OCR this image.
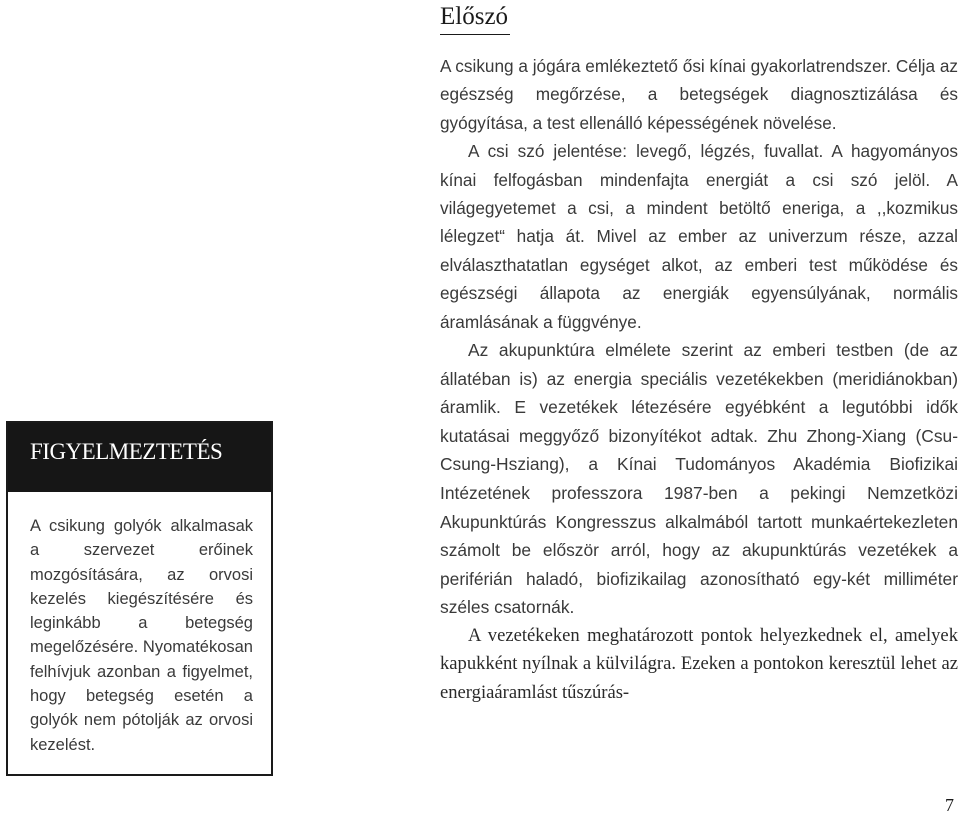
FIGYELMEZTETÉS
A csikung golyók alkalmasak a szervezet erőinek mozgósítására, az orvosi kezelés kiegészítésére és leginkább a betegség megelőzésére. Nyomatékosan felhívjuk azonban a figyelmet, hogy betegség esetén a golyók nem pótolják az orvosi kezelést.
Előszó

A csikung a jógára emlékeztető ősi kínai gyakorlatrendszer. Célja az egészség megőrzése, a betegségek diagnosztizálása és gyógyítása, a test ellenálló képességének növelése.

A csi szó jelentése: levegő, légzés, fuvallat. A hagyományos kínai felfogásban mindenfajta energiát a csi szó jelöl. A világegyetemet a csi, a mindent betöltő eneriga, a ,,kozmikus lélegzet“ hatja át. Mivel az ember az univerzum része, azzal elválaszthatatlan egységet alkot, az emberi test működése és egészségi állapota az energiák egyensúlyának, normális áramlásának a függvénye.

Az akupunktúra elmélete szerint az emberi testben (de az állatéban is) az energia speciális vezetékekben (meridiánokban) áramlik. E vezetékek létezésére egyébként a legutóbbi idők kutatásai meggyőző bizonyítékot adtak. Zhu Zhong-Xiang (Csu-Csung-Hsziang), a Kínai Tudományos Akadémia Biofizikai Intézetének professzora 1987-ben a pekingi Nemzetközi Akupunktúrás Kongresszus alkalmából tartott munkaértekezleten számolt be először arról, hogy az akupunktúrás vezetékek a periférián haladó, biofizikailag azonosítható egy-két milliméter széles csatornák.

A vezetékeken meghatározott pontok helyezkednek el, amelyek kapukként nyílnak a külvilágra. Ezeken a pontokon keresztül lehet az energiaáramlást tűszúrás-

7
